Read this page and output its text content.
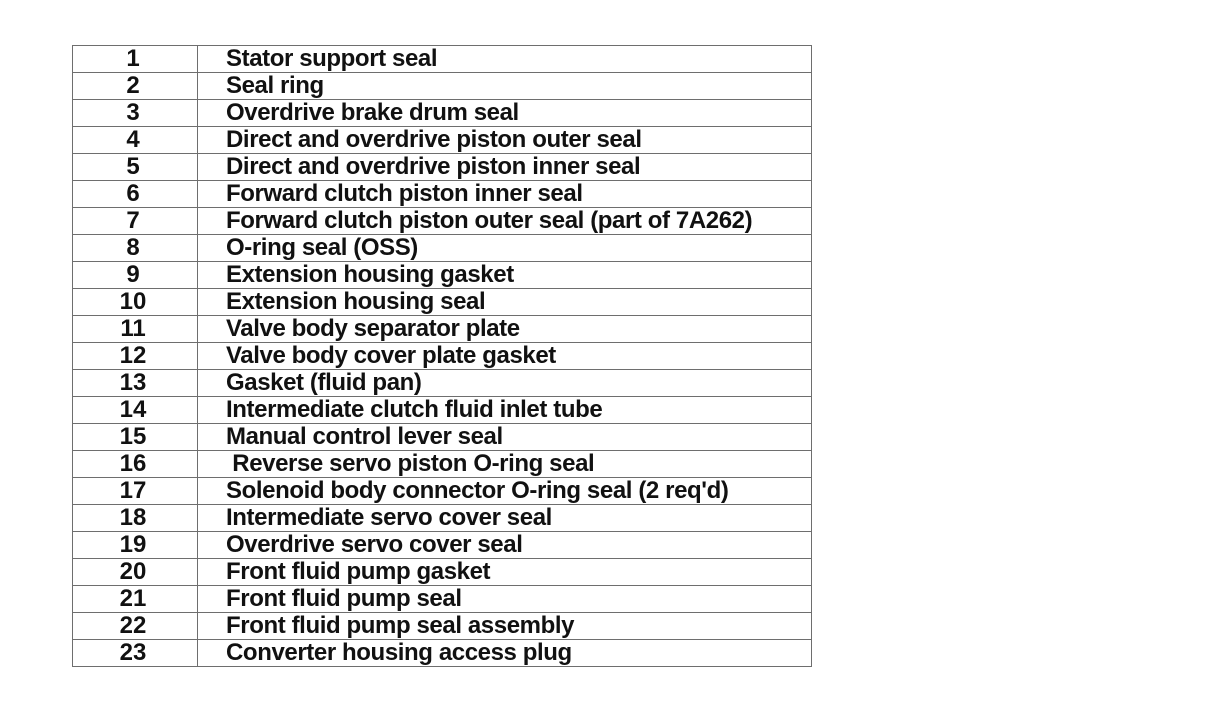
1	Stator support seal
2	Seal ring
3	Overdrive brake drum seal
4	Direct and overdrive piston outer seal
5	Direct and overdrive piston inner seal
6	Forward clutch piston inner seal
7	Forward clutch piston outer seal (part of 7A262)
8	O-ring seal (OSS)
9	Extension housing gasket
10	Extension housing seal
11	Valve body separator plate
12	Valve body cover plate gasket
13	Gasket (fluid pan)
14	Intermediate clutch fluid inlet tube
15	Manual control lever seal
16	Reverse servo piston O-ring seal
17	Solenoid body connector O-ring seal (2 req'd)
18	Intermediate servo cover seal
19	Overdrive servo cover seal
20	Front fluid pump gasket
21	Front fluid pump seal
22	Front fluid pump seal assembly
23	Converter housing access plug
